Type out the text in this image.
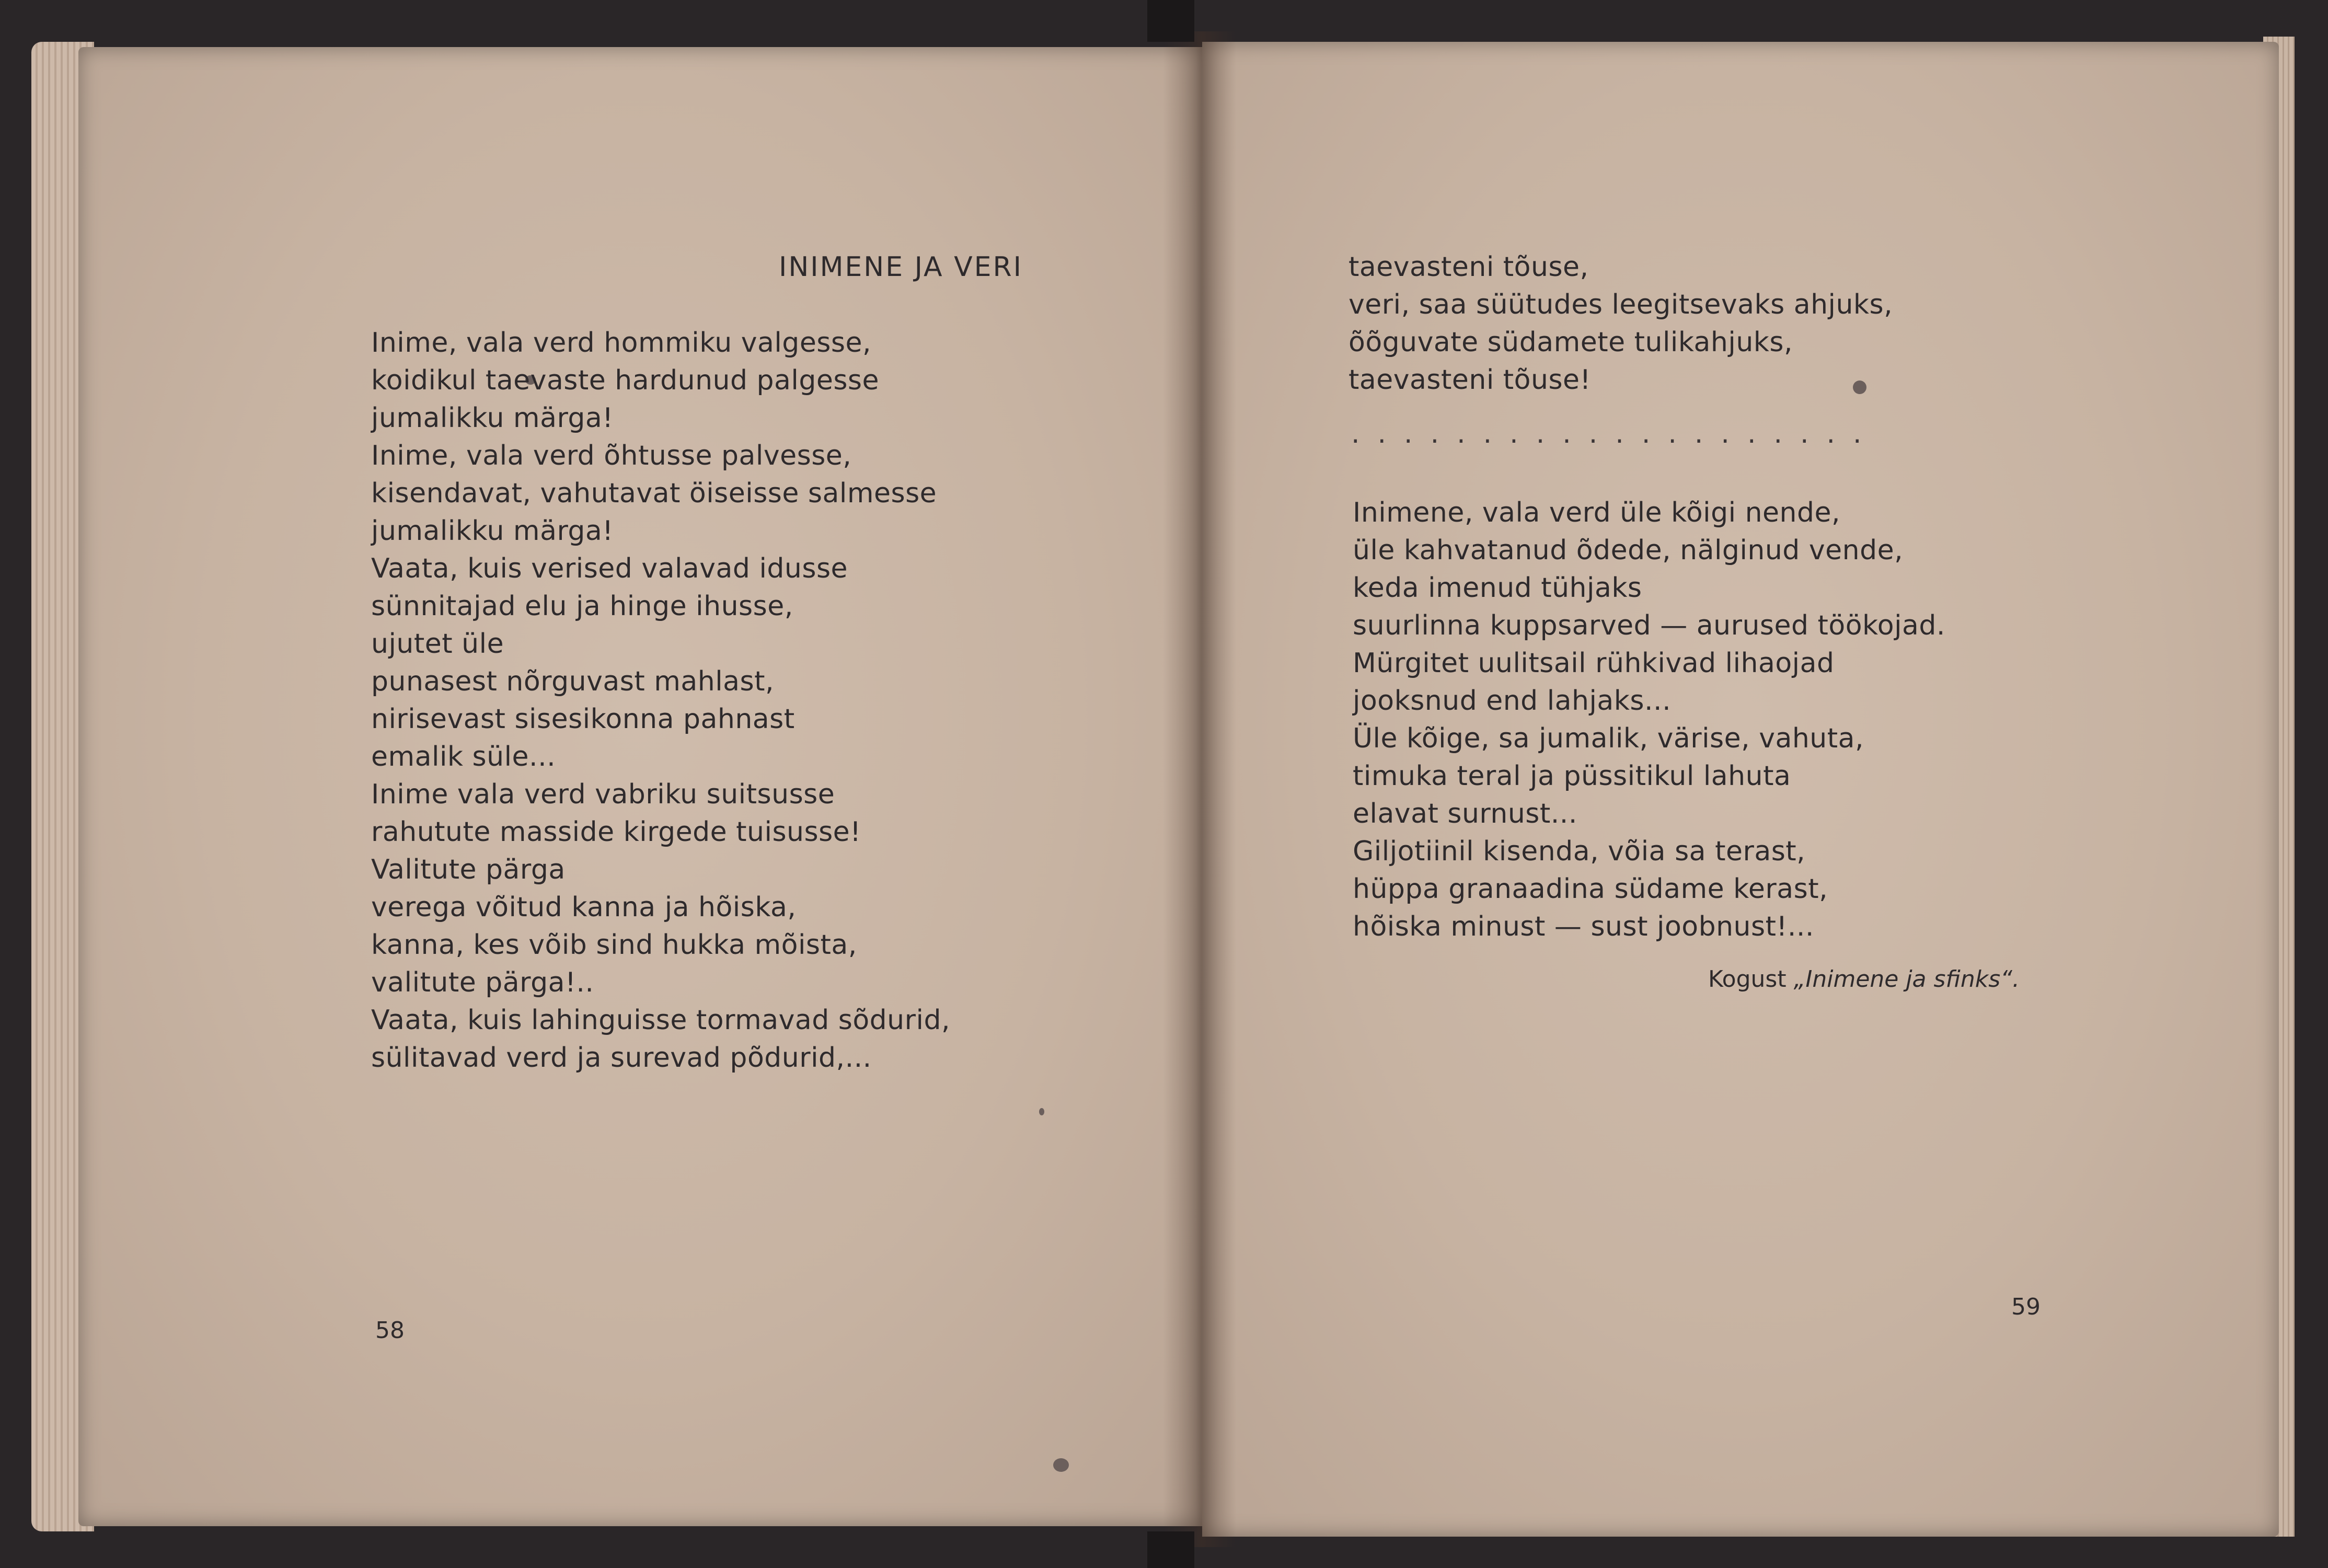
INIMENE JA VERI
Inime, vala verd hommiku valgesse,
koidikul taevaste hardunud palgesse
jumalikku märga!
Inime, vala verd õhtusse palvesse,
kisendavat, vahutavat öiseisse salmesse
jumalikku märga!
Vaata, kuis verised valavad idusse
sünnitajad elu ja hinge ihusse,
ujutet üle
punasest nõrguvast mahlast,
nirisevast sisesikonna pahnast
emalik süle...
Inime vala verd vabriku suitsusse
rahutute masside kirgede tuisusse!
Valitute pärga
verega võitud kanna ja hõiska,
kanna, kes võib sind hukka mõista,
valitute pärga!..
Vaata, kuis lahinguisse tormavad sõdurid,
sülitavad verd ja surevad põdurid,...
58
taevasteni tõuse,
veri, saa süütudes leegitsevaks ahjuks,
õõguvate südamete tulikahjuks,
taevasteni tõuse!
....................
Inimene, vala verd üle kõigi nende,
üle kahvatanud õdede, nälginud vende,
keda imenud tühjaks
suurlinna kuppsarved — aurused töökojad.
Mürgitet uulitsail rühkivad lihaojad
jooksnud end lahjaks...
Üle kõige, sa jumalik, värise, vahuta,
timuka teral ja püssitikul lahuta
elavat surnust...
Giljotiinil kisenda, võia sa terast,
hüppa granaadina südame kerast,
hõiska minust — sust joobnust!...
Kogust „Inimene ja sfinks“.
59
